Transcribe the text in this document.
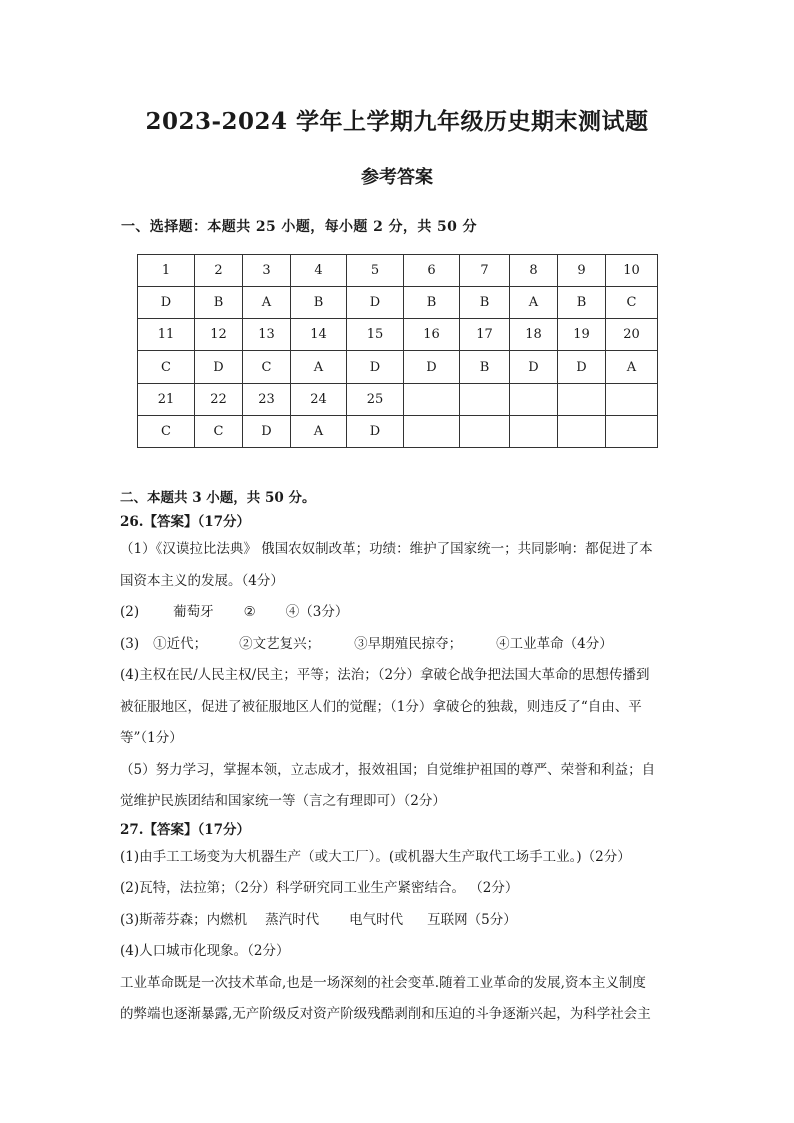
2023-2024 学年上学期九年级历史期末测试题
参考答案
一、选择题：本题共 25 小题，每小题 2 分，共 50 分
1	2	3	4	5	6	7	8	9	10
D	B	A	B	D	B	B	A	B	C
11	12	13	14	15	16	17	18	19	20
C	D	C	A	D	D	B	D	D	A
21	22	23	24	25					
C	C	D	A	D					
二、本题共 3 小题，共 50 分。
26.【答案】（17分）
（1）《汉谟拉比法典》 俄国农奴制改革；功绩：维护了国家统一；共同影响：都促进了本
国资本主义的发展。（4分）
(2)	葡萄牙 ② ④（3分）
(3) ①近代； ②文艺复兴；	③早期殖民掠夺；	④工业革命（4分）
(4)主权在民/人民主权/民主；平等；法治；（2分）拿破仑战争把法国大革命的思想传播到
被征服地区，促进了被征服地区人们的觉醒；（1分）拿破仑的独裁，则违反了“自由、平
等”（1分）
（5）努力学习，掌握本领，立志成才，报效祖国；自觉维护祖国的尊严、荣誉和利益；自
觉维护民族团结和国家统一等（言之有理即可）（2分）
27.【答案】（17分）
(1)由手工工场变为大机器生产（或大工厂）。(或机器大生产取代工场手工业。)（2分）
(2)瓦特，法拉第；（2分）科学研究同工业生产紧密结合。 （2分）
(3)斯蒂芬森；内燃机 蒸汽时代 电气时代 互联网（5分）
(4)人口城市化现象。（2分）
工业革命既是一次技术革命,也是一场深刻的社会变革.随着工业革命的发展,资本主义制度
的弊端也逐渐暴露,无产阶级反对资产阶级残酷剥削和压迫的斗争逐渐兴起，为科学社会主
